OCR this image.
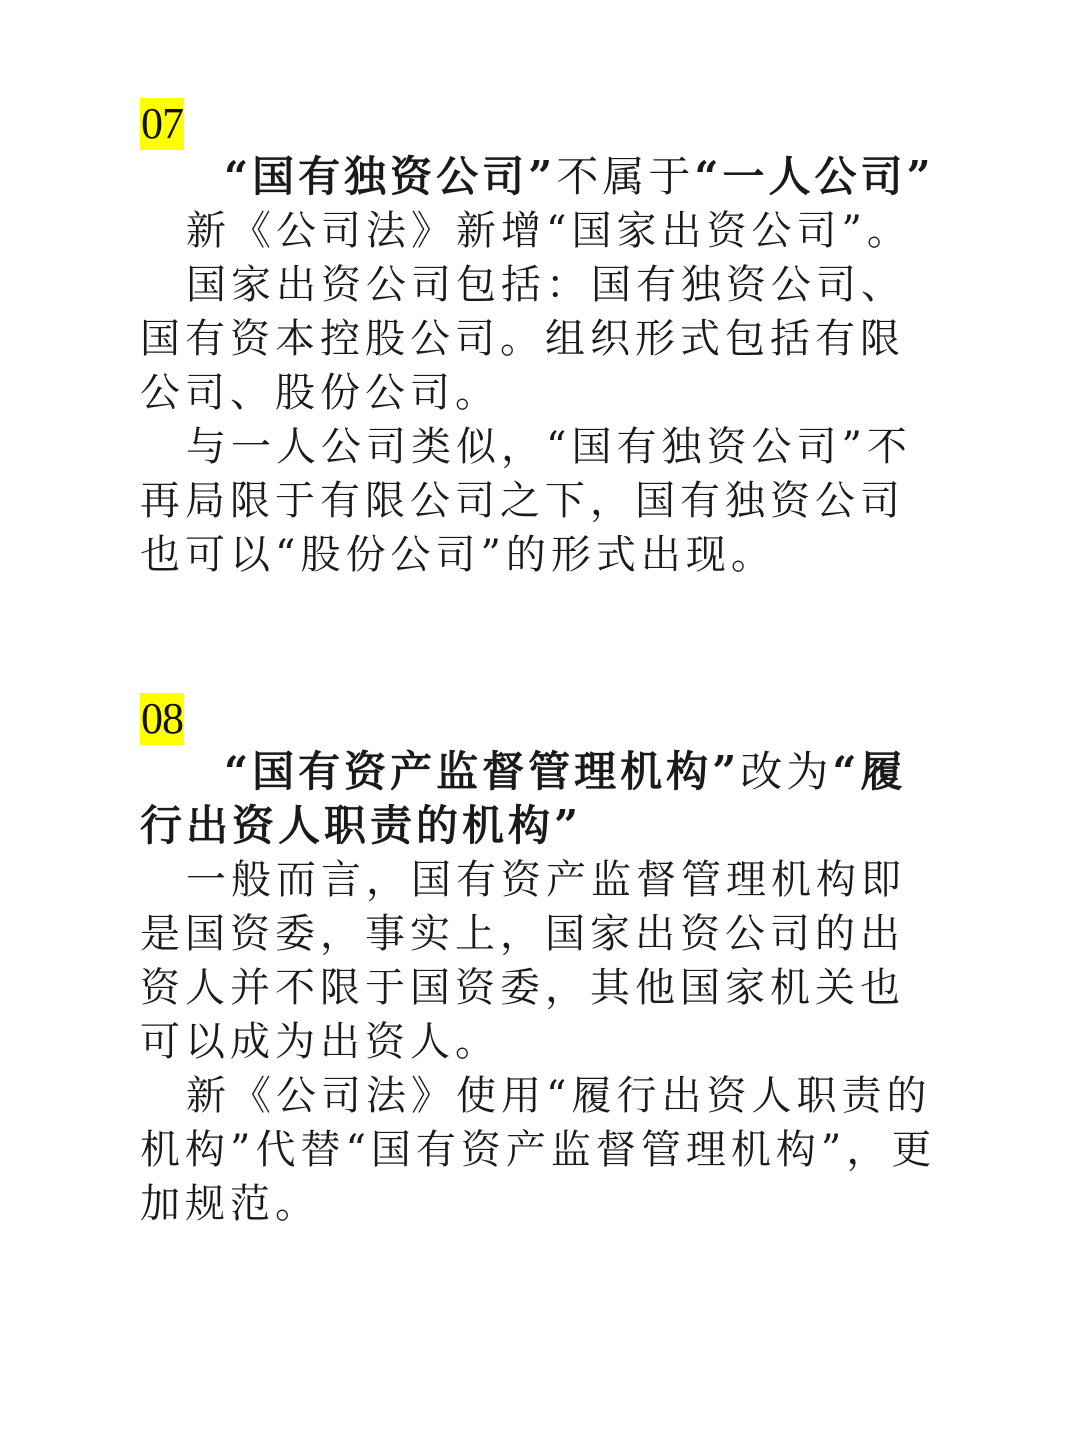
07
“国有独资公司”不属于“一人公司”

新《公司法》新增“国家出资公司”。

国家出资公司包括：国有独资公司、国有资本控股公司。组织形式包括有限公司、股份公司。

与一人公司类似，“国有独资公司”不再局限于有限公司之下，国有独资公司也可以“股份公司”的形式出现。

08
“国有资产监督管理机构”改为“履行出资人职责的机构”

一般而言，国有资产监督管理机构即是国资委，事实上，国家出资公司的出资人并不限于国资委，其他国家机关也可以成为出资人。

新《公司法》使用“履行出资人职责的机构”代替“国有资产监督管理机构”，更加规范。
